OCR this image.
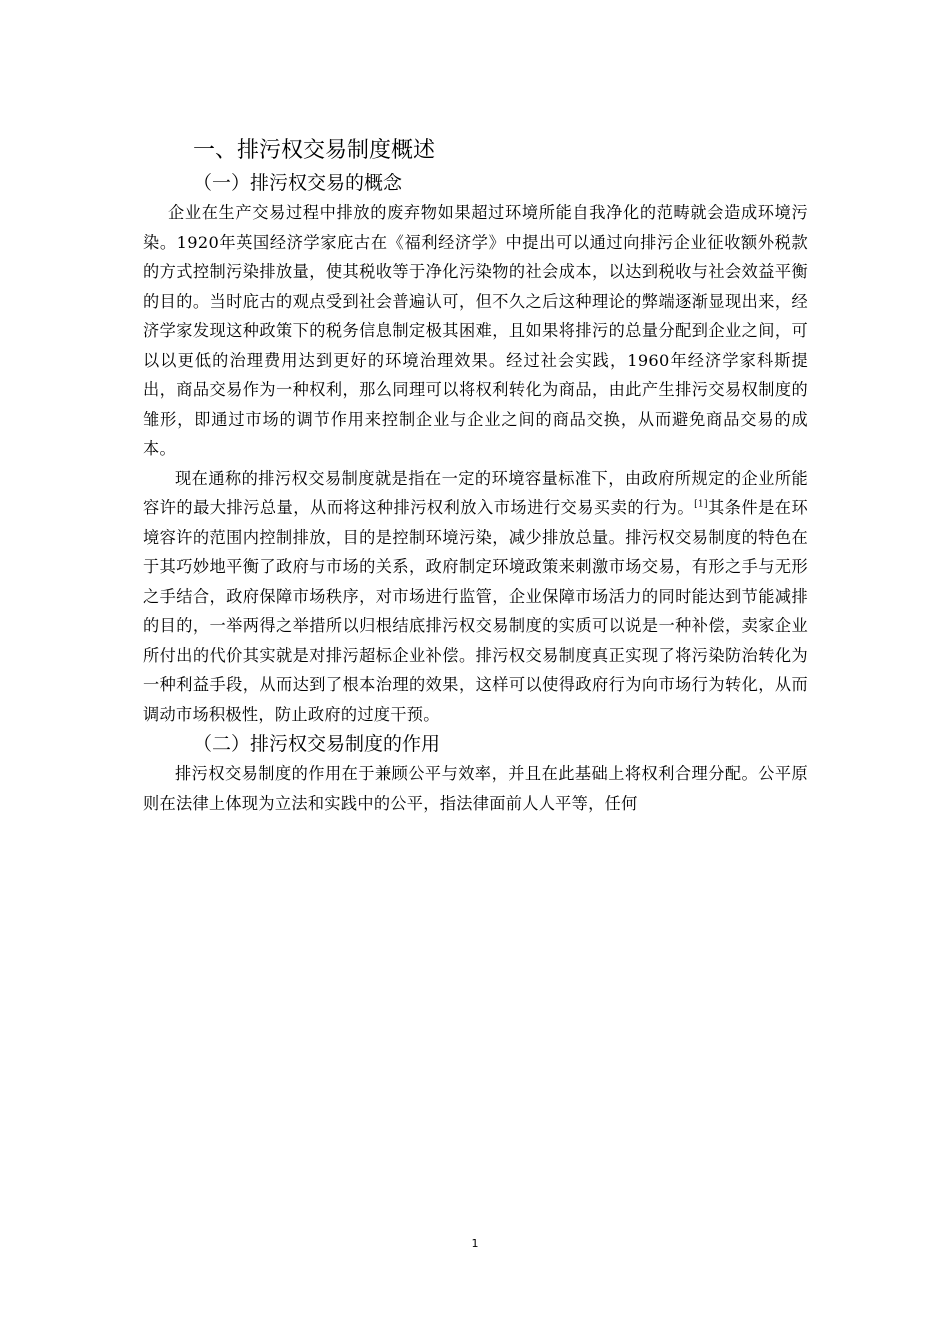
一、排污权交易制度概述
（一）排污权交易的概念

企业在生产交易过程中排放的废弃物如果超过环境所能自我净化的范畴就会造成环境污染。1920年英国经济学家庇古在《福利经济学》中提出可以通过向排污企业征收额外税款的方式控制污染排放量，使其税收等于净化污染物的社会成本，以达到税收与社会效益平衡的目的。当时庇古的观点受到社会普遍认可，但不久之后这种理论的弊端逐渐显现出来，经济学家发现这种政策下的税务信息制定极其困难，且如果将排污的总量分配到企业之间，可以以更低的治理费用达到更好的环境治理效果。经过社会实践，1960年经济学家科斯提出，商品交易作为一种权利，那么同理可以将权利转化为商品，由此产生排污交易权制度的雏形，即通过市场的调节作用来控制企业与企业之间的商品交换，从而避免商品交易的成本。

现在通称的排污权交易制度就是指在一定的环境容量标准下，由政府所规定的企业所能容许的最大排污总量，从而将这种排污权利放入市场进行交易买卖的行为。[1]其条件是在环境容许的范围内控制排放，目的是控制环境污染，减少排放总量。排污权交易制度的特色在于其巧妙地平衡了政府与市场的关系，政府制定环境政策来刺激市场交易，有形之手与无形之手结合，政府保障市场秩序，对市场进行监管，企业保障市场活力的同时能达到节能减排的目的，一举两得之举措所以归根结底排污权交易制度的实质可以说是一种补偿，卖家企业所付出的代价其实就是对排污超标企业补偿。排污权交易制度真正实现了将污染防治转化为一种利益手段，从而达到了根本治理的效果，这样可以使得政府行为向市场行为转化，从而调动市场积极性，防止政府的过度干预。

（二）排污权交易制度的作用

排污权交易制度的作用在于兼顾公平与效率，并且在此基础上将权利合理分配。公平原则在法律上体现为立法和实践中的公平，指法律面前人人平等，任何

1
